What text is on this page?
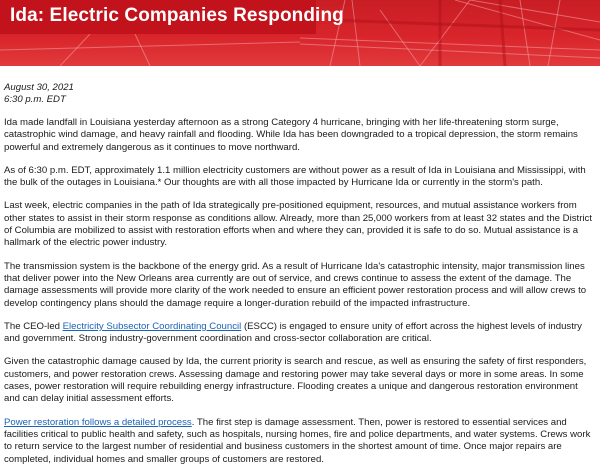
Ida: Electric Companies Responding
August 30, 2021
6:30 p.m. EDT

Ida made landfall in Louisiana yesterday afternoon as a strong Category 4 hurricane, bringing with her life-threatening storm surge, catastrophic wind damage, and heavy rainfall and flooding. While Ida has been downgraded to a tropical depression, the storm remains powerful and extremely dangerous as it continues to move northward.

As of 6:30 p.m. EDT, approximately 1.1 million electricity customers are without power as a result of Ida in Louisiana and Mississippi, with the bulk of the outages in Louisiana.* Our thoughts are with all those impacted by Hurricane Ida or currently in the storm's path.

Last week, electric companies in the path of Ida strategically pre-positioned equipment, resources, and mutual assistance workers from other states to assist in their storm response as conditions allow. Already, more than 25,000 workers from at least 32 states and the District of Columbia are mobilized to assist with restoration efforts when and where they can, provided it is safe to do so. Mutual assistance is a hallmark of the electric power industry.

The transmission system is the backbone of the energy grid. As a result of Hurricane Ida's catastrophic intensity, major transmission lines that deliver power into the New Orleans area currently are out of service, and crews continue to assess the extent of the damage. The damage assessments will provide more clarity of the work needed to ensure an efficient power restoration process and will allow crews to develop contingency plans should the damage require a longer-duration rebuild of the impacted infrastructure.

The CEO-led Electricity Subsector Coordinating Council (ESCC) is engaged to ensure unity of effort across the highest levels of industry and government. Strong industry-government coordination and cross-sector collaboration are critical.

Given the catastrophic damage caused by Ida, the current priority is search and rescue, as well as ensuring the safety of first responders, customers, and power restoration crews. Assessing damage and restoring power may take several days or more in some areas. In some cases, power restoration will require rebuilding energy infrastructure. Flooding creates a unique and dangerous restoration environment and can delay initial assessment efforts.

Power restoration follows a detailed process. The first step is damage assessment. Then, power is restored to essential services and facilities critical to public health and safety, such as hospitals, nursing homes, fire and police departments, and water systems. Crews work to return service to the largest number of residential and business customers in the shortest amount of time. Once major repairs are completed, individual homes and smaller groups of customers are restored.
